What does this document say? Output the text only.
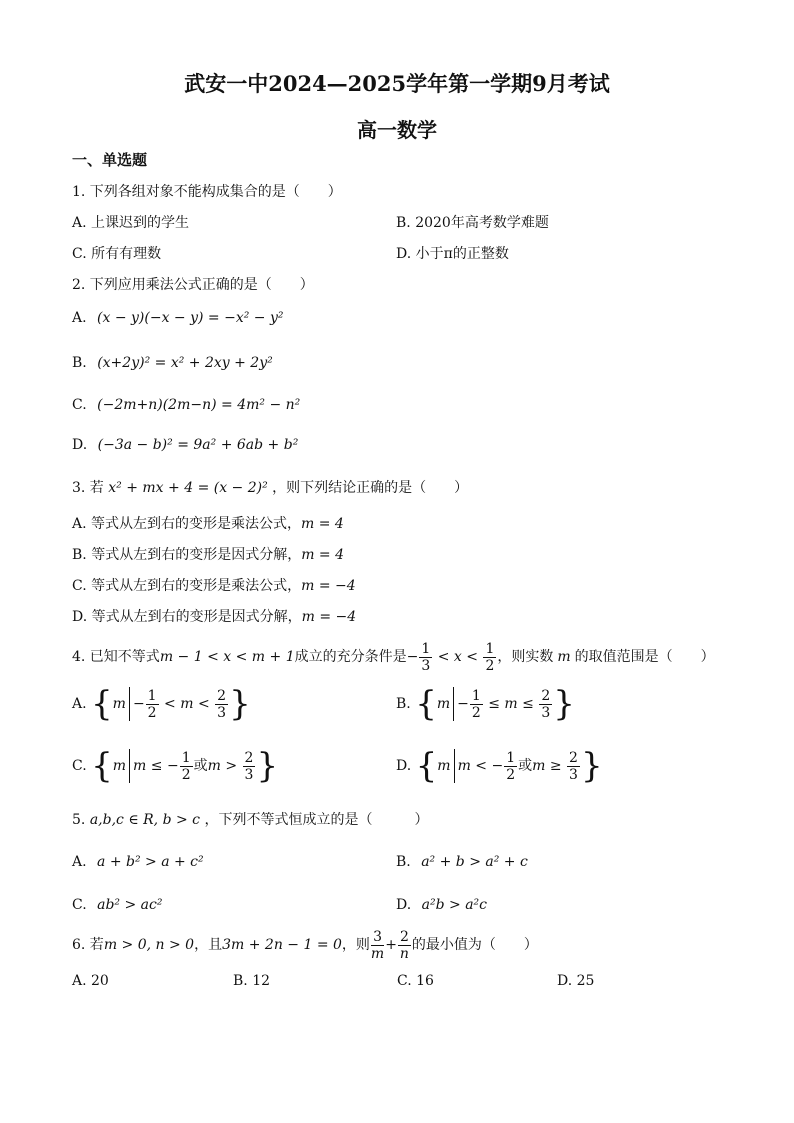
武安一中2024—2025学年第一学期9月考试
高一数学
一、单选题
1. 下列各组对象不能构成集合的是（　　）
A. 上课迟到的学生	B. 2020年高考数学难题
C. 所有有理数	D. 小于π的正整数
2. 下列应用乘法公式正确的是（　　）
A. (x − y)(−x − y) = −x² − y²
B. (x+2y)² = x² + 2xy + 2y²
C. (−2m+n)(2m−n) = 4m² − n²
D. (−3a − b)² = 9a² + 6ab + b²
3. 若 x² + mx + 4 = (x − 2)² ，则下列结论正确的是（　　）
A. 等式从左到右的变形是乘法公式，m = 4
B. 等式从左到右的变形是因式分解，m = 4
C. 等式从左到右的变形是乘法公式，m = −4
D. 等式从左到右的变形是因式分解，m = −4
4. 已知不等式m − 1 < x < m + 1成立的充分条件是− $\frac{1}{3} < x < \frac{1}{2}$ ，则实数 m 的取值范围是（　　）
A. {$m - \frac{1}{2} < m < \frac{2}{3}$ }	B. {$m - \frac{1}{2} \le m \le \frac{2}{3}$ }
C. {m m ≤ − $\frac{1}{2}$ 或$m > \frac{2}{3}$ }	D. {m m < − $\frac{1}{2}$ 或$m \ge \frac{2}{3}$ }
5. a,b,c ∈ R, b > c ，下列不等式恒成立的是（　　　）
A. a + b² > a + c²	B. a² + b > a² + c
C. ab² > ac²	D. a²b > a²c
6. 若m > 0, n > 0，且3m + 2n − 1 = 0，则 $\frac{3}{m} + \frac{2}{n}$ 的最小值为（　　）
A. 20	B. 12	C. 16	D. 25
